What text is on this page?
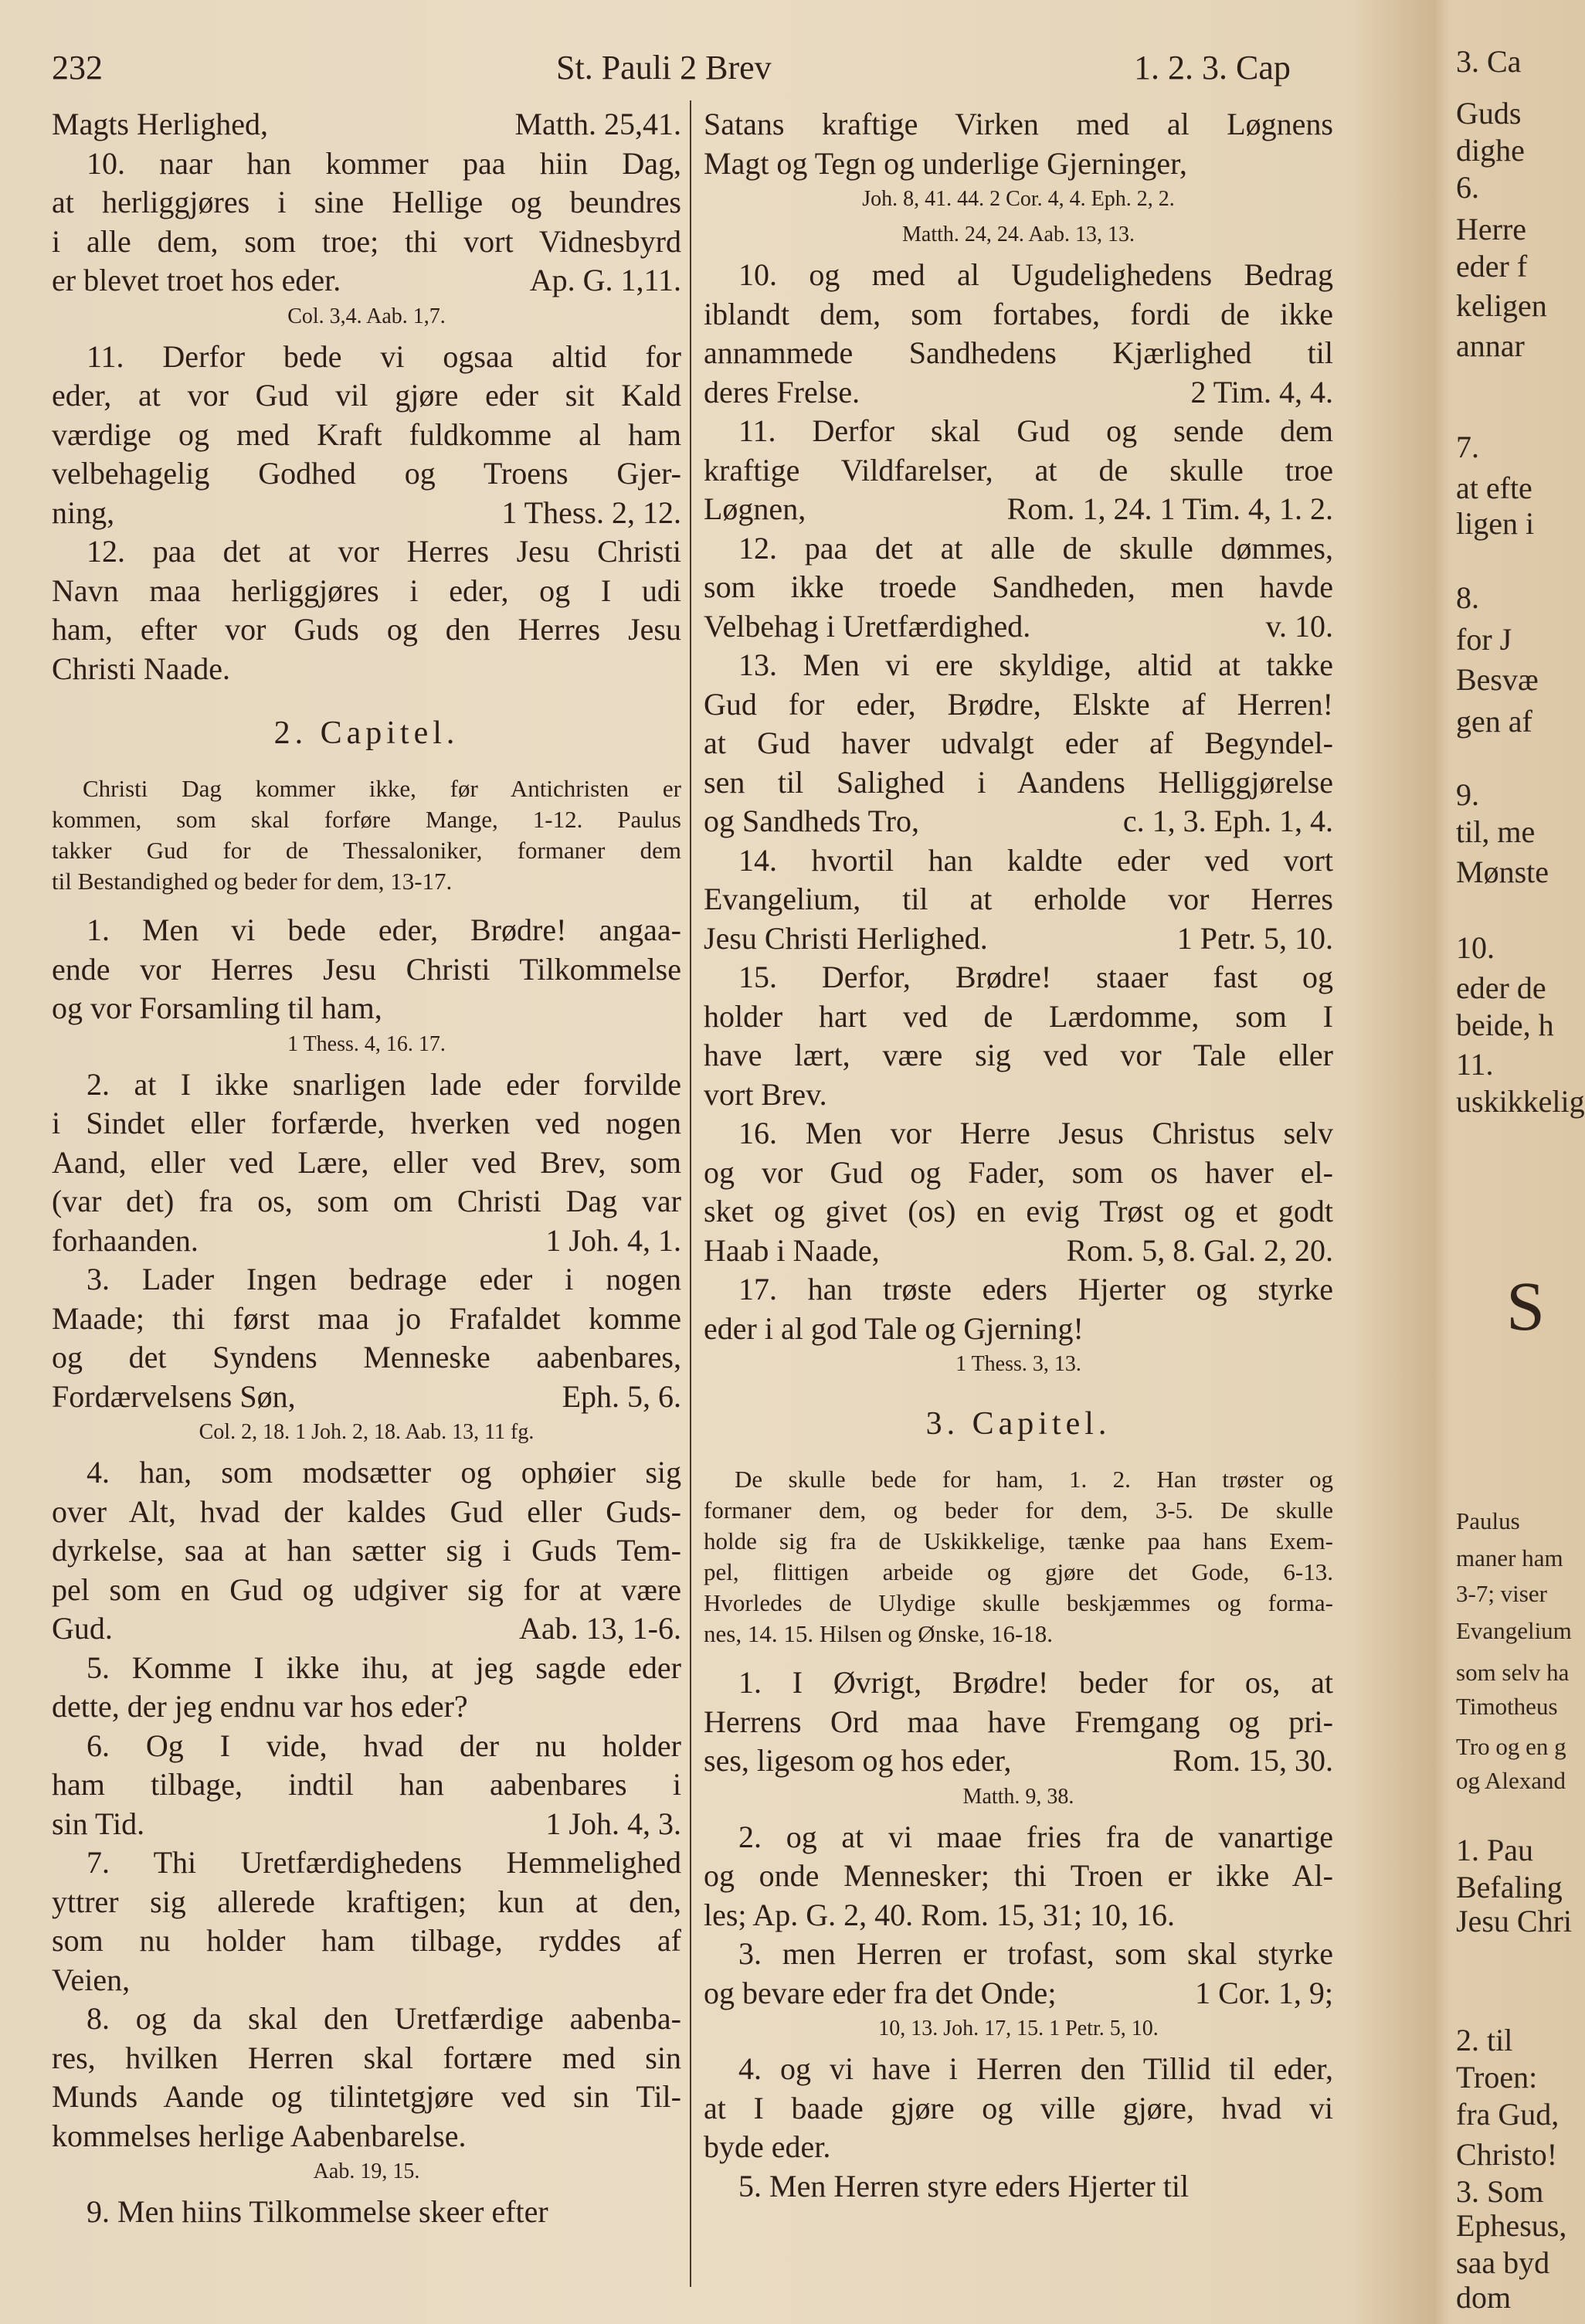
232	St. Pauli 2 Brev	1. 2. 3. Cap
Magts Herlighed,	Matth. 25,41.
10. naar han kommer paa hiin Dag,
at herliggjøres i sine Hellige og beundres
i alle dem, som troe; thi vort Vidnesbyrd
er blevet troet hos eder.	Ap. G. 1,11.
Col. 3,4. Aab. 1,7.
11. Derfor bede vi ogsaa altid for
eder, at vor Gud vil gjøre eder sit Kald
værdige og med Kraft fuldkomme al ham
velbehagelig Godhed og Troens Gjer-
ning,	1 Thess. 2, 12.
12. paa det at vor Herres Jesu Christi
Navn maa herliggjøres i eder, og I udi
ham, efter vor Guds og den Herres Jesu
Christi Naade.
2. Capitel.
Christi Dag kommer ikke, før Antichristen er
kommen, som skal forføre Mange, 1-12. Paulus
takker Gud for de Thessaloniker, formaner dem
til Bestandighed og beder for dem, 13-17.
1. Men vi bede eder, Brødre! angaa-
ende vor Herres Jesu Christi Tilkommelse
og vor Forsamling til ham,
1 Thess. 4, 16. 17.
2. at I ikke snarligen lade eder forvilde
i Sindet eller forfærde, hverken ved nogen
Aand, eller ved Lære, eller ved Brev, som
(var det) fra os, som om Christi Dag var
forhaanden.	1 Joh. 4, 1.
3. Lader Ingen bedrage eder i nogen
Maade; thi først maa jo Frafaldet komme
og det Syndens Menneske aabenbares,
Fordærvelsens Søn,	Eph. 5, 6.
Col. 2, 18. 1 Joh. 2, 18. Aab. 13, 11 fg.
4. han, som modsætter og ophøier sig
over Alt, hvad der kaldes Gud eller Guds-
dyrkelse, saa at han sætter sig i Guds Tem-
pel som en Gud og udgiver sig for at være
Gud.	Aab. 13, 1-6.
5. Komme I ikke ihu, at jeg sagde eder
dette, der jeg endnu var hos eder?
6. Og I vide, hvad der nu holder
ham tilbage, indtil han aabenbares i
sin Tid.	1 Joh. 4, 3.
7. Thi Uretfærdighedens Hemmelighed
yttrer sig allerede kraftigen; kun at den,
som nu holder ham tilbage, ryddes af
Veien,
8. og da skal den Uretfærdige aabenba-
res, hvilken Herren skal fortære med sin
Munds Aande og tilintetgjøre ved sin Til-
kommelses herlige Aabenbarelse.
Aab. 19, 15.
9. Men hiins Tilkommelse skeer efter
Satans kraftige Virken med al Løgnens
Magt og Tegn og underlige Gjerninger,
Joh. 8, 41. 44. 2 Cor. 4, 4. Eph. 2, 2.
Matth. 24, 24. Aab. 13, 13.
10. og med al Ugudelighedens Bedrag
iblandt dem, som fortabes, fordi de ikke
annammede Sandhedens Kjærlighed til
deres Frelse.	2 Tim. 4, 4.
11. Derfor skal Gud og sende dem
kraftige Vildfarelser, at de skulle troe
Løgnen,	Rom. 1, 24. 1 Tim. 4, 1. 2.
12. paa det at alle de skulle dømmes,
som ikke troede Sandheden, men havde
Velbehag i Uretfærdighed.	v. 10.
13. Men vi ere skyldige, altid at takke
Gud for eder, Brødre, Elskte af Herren!
at Gud haver udvalgt eder af Begyndel-
sen til Salighed i Aandens Helliggjørelse
og Sandheds Tro,	c. 1, 3. Eph. 1, 4.
14. hvortil han kaldte eder ved vort
Evangelium, til at erholde vor Herres
Jesu Christi Herlighed.	1 Petr. 5, 10.
15. Derfor, Brødre! staaer fast og
holder hart ved de Lærdomme, som I
have lært, være sig ved vor Tale eller
vort Brev.
16. Men vor Herre Jesus Christus selv
og vor Gud og Fader, som os haver el-
sket og givet (os) en evig Trøst og et godt
Haab i Naade,	Rom. 5, 8. Gal. 2, 20.
17. han trøste eders Hjerter og styrke
eder i al god Tale og Gjerning!
1 Thess. 3, 13.
3. Capitel.
De skulle bede for ham, 1. 2. Han trøster og
formaner dem, og beder for dem, 3-5. De skulle
holde sig fra de Uskikkelige, tænke paa hans Exem-
pel, flittigen arbeide og gjøre det Gode, 6-13.
Hvorledes de Ulydige skulle beskjæmmes og forma-
nes, 14. 15. Hilsen og Ønske, 16-18.
1. I Øvrigt, Brødre! beder for os, at
Herrens Ord maa have Fremgang og pri-
ses, ligesom og hos eder,	Rom. 15, 30.
Matth. 9, 38.
2. og at vi maae fries fra de vanartige
og onde Mennesker; thi Troen er ikke Al-
les; Ap. G. 2, 40. Rom. 15, 31; 10, 16.
3. men Herren er trofast, som skal styrke
og bevare eder fra det Onde;	1 Cor. 1, 9;
10, 13. Joh. 17, 15. 1 Petr. 5, 10.
4. og vi have i Herren den Tillid til eder,
at I baade gjøre og ville gjøre, hvad vi
byde eder.
5. Men Herren styre eders Hjerter til
3. Ca
Guds
dighe
6.
Herre
eder f
keligen
annar
7.
at efte
ligen i
8.
for J
Besvæ
gen af
9.
til, me
Mønste
10.
eder de
beide, h
11.
uskikkelig
S
Paulus
maner ham
3-7; viser
Evangelium
som selv ha
Timotheus
Tro og en g
og Alexand
1. Pau
Befaling
Jesu Chri
2. til
Troen:
fra Gud,
Christo!
3. Som
Ephesus,
saa byd
dom
